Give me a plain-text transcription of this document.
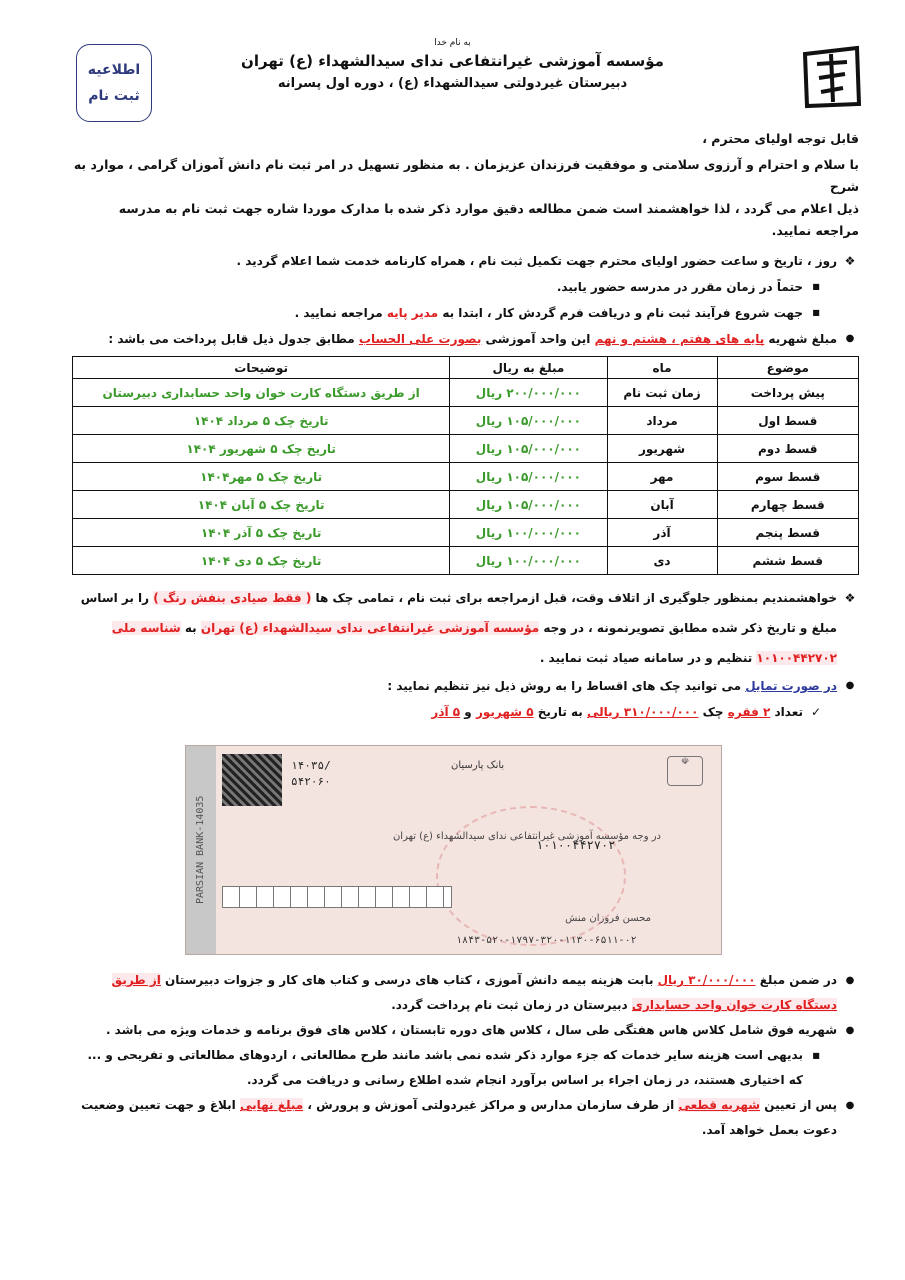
به نام خدا
مؤسسه آموزشی غیرانتفاعی ندای سیدالشهداء (ع) تهران
دبیرستان غیردولتی سیدالشهداء (ع) ، دوره اول پسرانه
اطلاعیه
ثبت نام

قابل توجه اولیای محترم ،

با سلام و احترام و آرزوی سلامتی و موفقیت فرزندان عزیزمان . به منظور تسهیل در امر ثبت نام دانش آموزان گرامی ، موارد به شرح

ذیل اعلام می گردد ، لذا خواهشمند است ضمن مطالعه دقیق موارد ذکر شده با مدارک موردا شاره جهت ثبت نام به مدرسه مراجعه نمایید.

❖
روز ، تاریخ و ساعت حضور اولیای محترم جهت تکمیل ثبت نام ، همراه کارنامه خدمت شما اعلام گردید .
■
حتماً در زمان مقرر در مدرسه حضور یابید.
■
جهت شروع فرآیند ثبت نام و دریافت فرم گردش کار ، ابتدا به مدیر پایه مراجعه نمایید .
●
مبلغ شهریه پایه های هفتم ، هشتم و نهم این واحد آموزشی بصورت علی الحساب مطابق جدول ذیل قابل پرداخت می باشد :
موضوع	ماه	مبلغ به ریال	توضیحات
پیش پرداخت	زمان ثبت نام	۲۰۰/۰۰۰/۰۰۰ ریال	از طریق دستگاه کارت خوان واحد حسابداری دبیرستان
قسط اول	مرداد	۱۰۵/۰۰۰/۰۰۰ ریال	تاریخ چک ۵ مرداد ۱۴۰۴
قسط دوم	شهریور	۱۰۵/۰۰۰/۰۰۰ ریال	تاریخ چک ۵ شهریور ۱۴۰۴
قسط سوم	مهر	۱۰۵/۰۰۰/۰۰۰ ریال	تاریخ چک ۵ مهر۱۴۰۴
قسط چهارم	آبان	۱۰۵/۰۰۰/۰۰۰ ریال	تاریخ چک ۵ آبان ۱۴۰۴
قسط پنجم	آذر	۱۰۰/۰۰۰/۰۰۰ ریال	تاریخ چک ۵ آذر ۱۴۰۴
قسط ششم	دی	۱۰۰/۰۰۰/۰۰۰ ریال	تاریخ چک ۵ دی ۱۴۰۴
❖
خواهشمندیم بمنظور جلوگیری از اتلاف وقت، قبل ازمراجعه برای ثبت نام ، تمامی چک ها ( فقط صیادی بنفش رنگ ) را بر اساس مبلغ و تاریخ ذکر شده مطابق تصویرنمونه ، در وجه مؤسسه آموزشی غیرانتفاعی ندای سیدالشهداء (ع) تهران به شناسه ملی ۱۰۱۰۰۴۴۲۷۰۲ تنظیم و در سامانه صیاد ثبت نمایید .
●
در صورت تمایل می توانید چک های اقساط را به روش ذیل نیز تنظیم نمایید :
✓
تعداد ۲ فقره چک ۳۱۰/۰۰۰/۰۰۰ ریالی به تاریخ ۵ شهریور و ۵ آذر
14035-PARSIAN BANK
۱۴۰۳۵/
۵۴۲۰۶۰
بانک پارسیان	☫
۱۰۱۰۰۴۴۲۷۰۲
در وجه مؤسسه آموزشی غیرانتفاعی ندای سیدالشهداء (ع) تهران
محسن فروزان منش
۱۸۴۳-۵۲۰-۱۷۹۷-۳۲۰-۱۱۳۰-۶۵۱۱-۰۲
●
در ضمن مبلغ ۳۰/۰۰۰/۰۰۰ ریال بابت هزینه بیمه دانش آموزی ، کتاب های درسی و کتاب های کار و جزوات دبیرستان از طریق دستگاه کارت خوان واحد حسابداری دبیرستان در زمان ثبت نام پرداخت گردد.
●
شهریه فوق شامل کلاس هاس هفتگی طی سال ، کلاس های دوره تابستان ، کلاس های فوق برنامه و خدمات ویژه می باشد .
■
بدیهی است هزینه سایر خدمات که جزء موارد ذکر شده نمی باشد مانند طرح مطالعاتی ، اردوهای مطالعاتی و تفریحی و ... که اختیاری هستند، در زمان اجراء بر اساس برآورد انجام شده اطلاع رسانی و دریافت می گردد.
●
پس از تعیین شهریه قطعی از طرف سازمان مدارس و مراکز غیردولتی آموزش و پرورش ، مبلغ نهایی ابلاغ و جهت تعیین وضعیت دعوت بعمل خواهد آمد.
